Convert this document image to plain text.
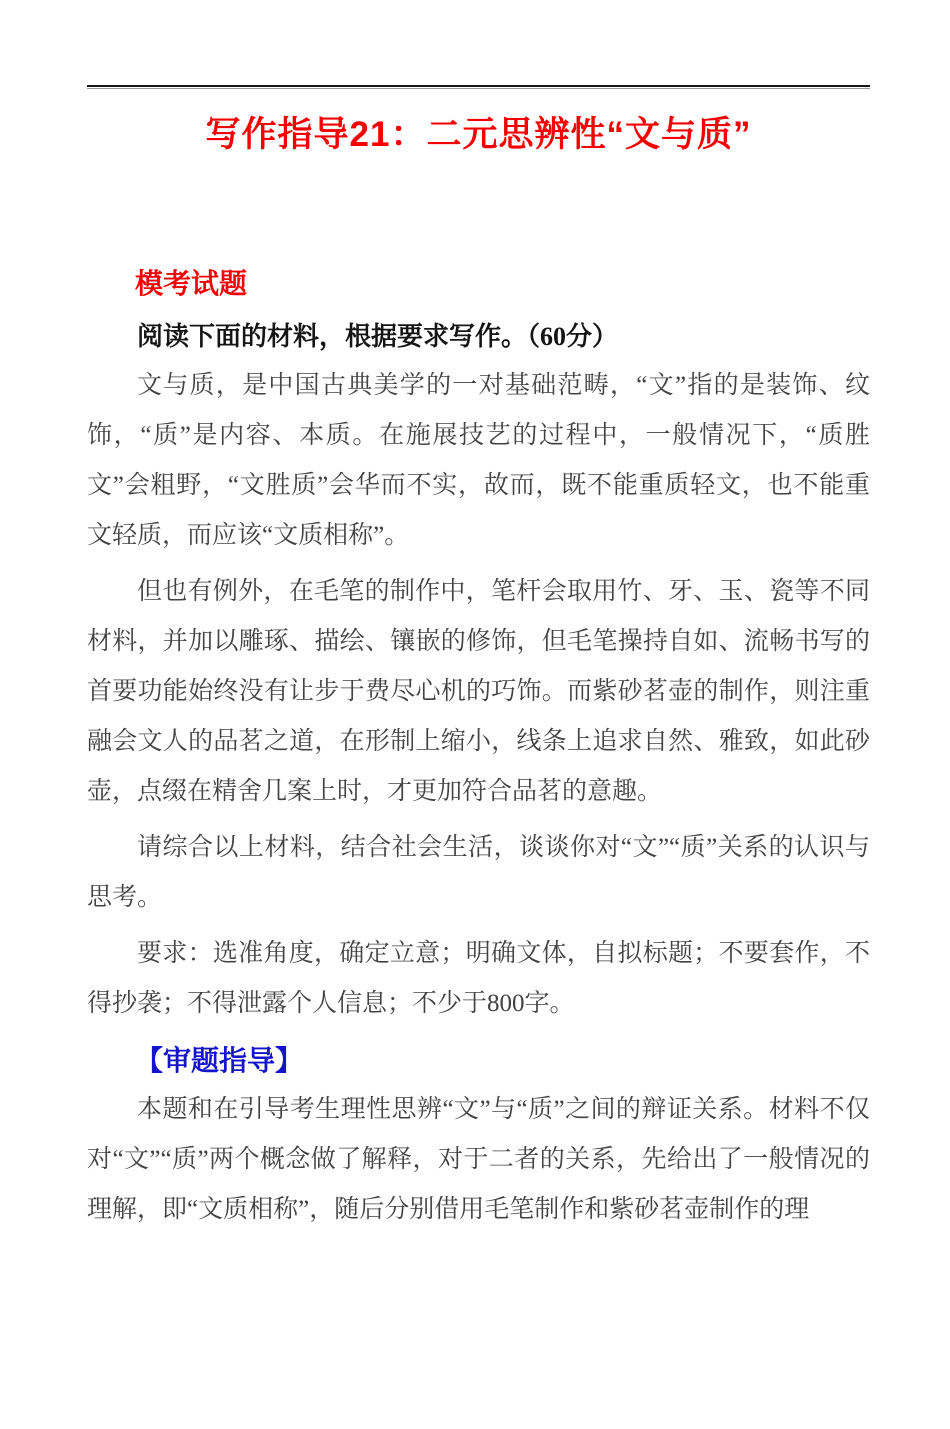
写作指导21：二元思辨性“文与质”
模考试题

阅读下面的材料，根据要求写作。（60分）

文与质，是中国古典美学的一对基础范畴，“文”指的是装饰、纹饰，“质”是内容、本质。在施展技艺的过程中，一般情况下，“质胜文”会粗野，“文胜质”会华而不实，故而，既不能重质轻文，也不能重文轻质，而应该“文质相称”。

但也有例外，在毛笔的制作中，笔杆会取用竹、牙、玉、瓷等不同材料，并加以雕琢、描绘、镶嵌的修饰，但毛笔操持自如、流畅书写的首要功能始终没有让步于费尽心机的巧饰。而紫砂茗壶的制作，则注重融会文人的品茗之道，在形制上缩小，线条上追求自然、雅致，如此砂壶，点缀在精舍几案上时，才更加符合品茗的意趣。

请综合以上材料，结合社会生活，谈谈你对“文”“质”关系的认识与思考。

要求：选准角度，确定立意；明确文体，自拟标题；不要套作，不得抄袭；不得泄露个人信息；不少于800字。

【审题指导】

本题和在引导考生理性思辨“文”与“质”之间的辩证关系。材料不仅对“文”“质”两个概念做了解释，对于二者的关系，先给出了一般情况的理解，即“文质相称”，随后分别借用毛笔制作和紫砂茗壶制作的理
